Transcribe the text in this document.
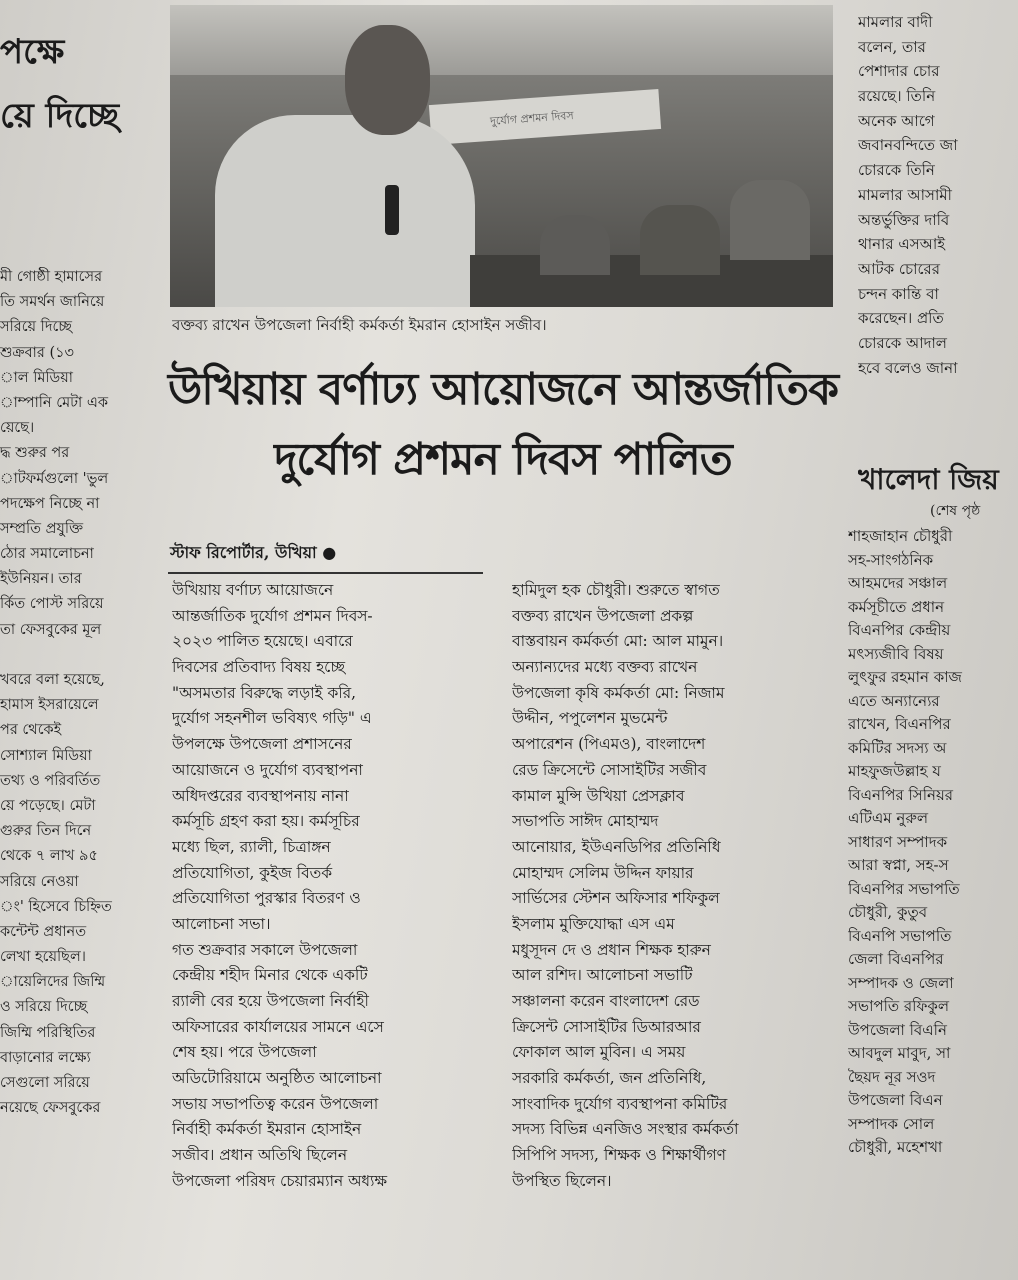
পক্ষে
য়ে দিচ্ছে
মী গোষ্ঠী হামাসের
তি সমর্থন জানিয়ে
সরিয়ে দিচ্ছে
শুক্রবার (১৩
াল মিডিয়া
াম্পানি মেটা এক
য়েছে।
দ্ধ শুরুর পর
াটফর্মগুলো 'ভুল
পদক্ষেপ নিচ্ছে না
সম্প্রতি প্রযুক্তি
ঠোর সমালোচনা
ইউনিয়ন। তার
র্কিত পোস্ট সরিয়ে
তা ফেসবুকের মূল
খবরে বলা হয়েছে,
হামাস ইসরায়েলে
পর থেকেই
সোশ্যাল মিডিয়া
তথ্য ও পরিবর্তিত
য়ে পড়েছে। মেটা
গুরুর তিন দিনে
থেকে ৭ লাখ ৯৫
সরিয়ে নেওয়া
ং' হিসেবে চিহ্নিত
কন্টেন্ট প্রধানত
লেখা হয়েছিল।
ায়েলিদের জিম্মি
ও সরিয়ে দিচ্ছে
জিম্মি পরিস্থিতির
বাড়ানোর লক্ষ্যে
সেগুলো সরিয়ে
নয়েছে ফেসবুকের
দুর্যোগ প্রশমন দিবস
বক্তব্য রাখেন উপজেলা নির্বাহী কর্মকর্তা ইমরান হোসাইন সজীব।
উখিয়ায় বর্ণাঢ্য আয়োজনে আন্তর্জাতিক
দুর্যোগ প্রশমন দিবস পালিত
স্টাফ রিপোর্টার, উখিয়া ●
উখিয়ায় বর্ণাঢ্য আয়োজনে
আন্তর্জাতিক দুর্যোগ প্রশমন দিবস-
২০২৩ পালিত হয়েছে। এবারে
দিবসের প্রতিবাদ্য বিষয় হচ্ছে
"অসমতার বিরুদ্ধে লড়াই করি,
দুর্যোগ সহনশীল ভবিষ্যৎ গড়ি" এ
উপলক্ষে উপজেলা প্রশাসনের
আয়োজনে ও দুর্যোগ ব্যবস্থাপনা
অধিদপ্তরের ব্যবস্থাপনায় নানা
কর্মসূচি গ্রহণ করা হয়। কর্মসূচির
মধ্যে ছিল, র‍্যালী, চিত্রাঙ্গন
প্রতিযোগিতা, কুইজ বিতর্ক
প্রতিযোগিতা পুরস্কার বিতরণ ও
আলোচনা সভা।
গত শুক্রবার সকালে উপজেলা
কেন্দ্রীয় শহীদ মিনার থেকে একটি
র‍্যালী বের হয়ে উপজেলা নির্বাহী
অফিসারের কার্যালয়ের সামনে এসে
শেষ হয়। পরে উপজেলা
অডিটোরিয়ামে অনুষ্ঠিত আলোচনা
সভায় সভাপতিত্ব করেন উপজেলা
নির্বাহী কর্মকর্তা ইমরান হোসাইন
সজীব। প্রধান অতিথি ছিলেন
উপজেলা পরিষদ চেয়ারম্যান অধ্যক্ষ
হামিদুল হক চৌধুরী। শুরুতে স্বাগত
বক্তব্য রাখেন উপজেলা প্রকল্প
বাস্তবায়ন কর্মকর্তা মো: আল মামুন।
অন্যান্যদের মধ্যে বক্তব্য রাখেন
উপজেলা কৃষি কর্মকর্তা মো: নিজাম
উদ্দীন, পপুলেশন মুভমেন্ট
অপারেশন (পিএমও), বাংলাদেশ
রেড ক্রিসেন্টে সোসাইটির সজীব
কামাল মুন্সি উখিয়া প্রেসক্লাব
সভাপতি সাঈদ মোহাম্মদ
আনোয়ার, ইউএনডিপির প্রতিনিধি
মোহাম্মদ সেলিম উদ্দিন ফায়ার
সার্ভিসের স্টেশন অফিসার শফিকুল
ইসলাম মুক্তিযোদ্ধা এস এম
মধুসূদন দে ও প্রধান শিক্ষক হারুন
আল রশিদ। আলোচনা সভাটি
সঞ্চালনা করেন বাংলাদেশ রেড
ক্রিসেন্ট সোসাইটির ডিআরআর
ফোকাল আল মুবিন। এ সময়
সরকারি কর্মকর্তা, জন প্রতিনিধি,
সাংবাদিক দুর্যোগ ব্যবস্থাপনা কমিটির
সদস্য বিভিন্ন এনজিও সংস্থার কর্মকর্তা
সিপিপি সদস্য, শিক্ষক ও শিক্ষার্থীগণ
উপস্থিত ছিলেন।
মামলার বাদী
বলেন, তার
পেশাদার চোর
রয়েছে। তিনি
অনেক আগে
জবানবন্দিতে জা
চোরকে তিনি
মামলার আসামী
অন্তর্ভুক্তির দাবি
থানার এসআই
আটক চোরের
চন্দন কান্তি বা
করেছেন। প্রতি
চোরকে আদাল
হবে বলেও জানা
খালেদা জিয়
(শেষ পৃষ্ঠ
শাহজাহান চৌধুরী
সহ-সাংগঠনিক
আহমদের সঞ্চাল
কর্মসূচীতে প্রধান
বিএনপির কেন্দ্রীয়
মৎস্যজীবি বিষয়
লুৎফুর রহমান কাজ
এতে অন্যান্যের
রাখেন, বিএনপির
কমিটির সদস্য অ
মাহফুজউল্লাহ য
বিএনপির সিনিয়র
এটিএম নুরুল
সাধারণ সম্পাদক
আরা স্বপ্না, সহ-স
বিএনপির সভাপতি
চৌধুরী, কুতুব
বিএনপি সভাপতি
জেলা বিএনপির
সম্পাদক ও জেলা
সভাপতি রফিকুল
উপজেলা বিএনি
আবদুল মাবুদ, সা
ছৈয়দ নূর সওদ
উপজেলা বিএন
সম্পাদক সোল
চৌধুরী, মহেশখা
